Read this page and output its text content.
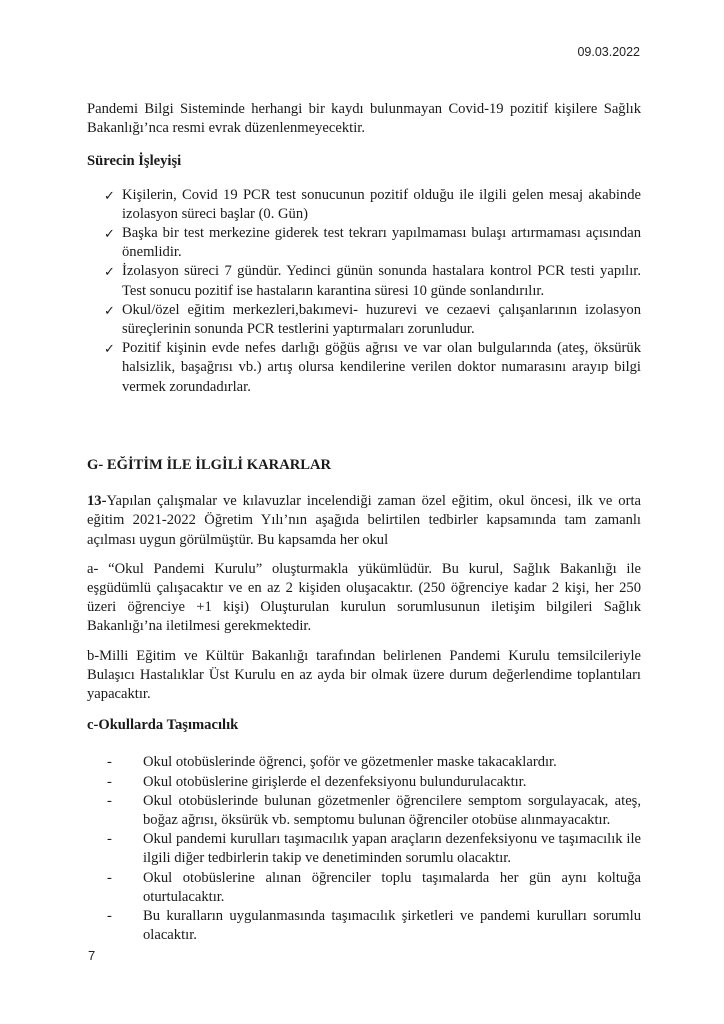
09.03.2022

Pandemi Bilgi Sisteminde herhangi bir kaydı bulunmayan Covid-19 pozitif kişilere Sağlık Bakanlığı’nca resmi evrak düzenlenmeyecektir.

Sürecin İşleyişi

✓ Kişilerin, Covid 19 PCR test sonucunun pozitif olduğu ile ilgili gelen mesaj akabinde izolasyon süreci başlar (0. Gün)
✓ Başka bir test merkezine giderek test tekrarı yapılmaması bulaşı artırmaması açısından önemlidir.
✓ İzolasyon süreci 7 gündür. Yedinci günün sonunda hastalara kontrol PCR testi yapılır. Test sonucu pozitif ise hastaların karantina süresi 10 günde sonlandırılır.
✓ Okul/özel eğitim merkezleri,bakımevi- huzurevi ve cezaevi çalışanlarının izolasyon süreçlerinin sonunda PCR testlerini yaptırmaları zorunludur.
✓ Pozitif kişinin evde nefes darlığı göğüs ağrısı ve var olan bulgularında (ateş, öksürük halsizlik, başağrısı vb.) artış olursa kendilerine verilen doktor numarasını arayıp bilgi vermek zorundadırlar.

G- EĞİTİM İLE İLGİLİ KARARLAR

13-Yapılan çalışmalar ve kılavuzlar incelendiği zaman özel eğitim, okul öncesi, ilk ve orta eğitim 2021-2022 Öğretim Yılı’nın aşağıda belirtilen tedbirler kapsamında tam zamanlı açılması uygun görülmüştür. Bu kapsamda her okul

a- “Okul Pandemi Kurulu” oluşturmakla yükümlüdür. Bu kurul, Sağlık Bakanlığı ile eşgüdümlü çalışacaktır ve en az 2 kişiden oluşacaktır. (250 öğrenciye kadar 2 kişi, her 250 üzeri öğrenciye +1 kişi) Oluşturulan kurulun sorumlusunun iletişim bilgileri Sağlık Bakanlığı’na iletilmesi gerekmektedir.

b-Milli Eğitim ve Kültür Bakanlığı tarafından belirlenen Pandemi Kurulu temsilcileriyle Bulaşıcı Hastalıklar Üst Kurulu en az ayda bir olmak üzere durum değerlendime toplantıları yapacaktır.

c-Okullarda Taşımacılık

- Okul otobüslerinde öğrenci, şoför ve gözetmenler maske takacaklardır.
- Okul otobüslerine girişlerde el dezenfeksiyonu bulundurulacaktır.
- Okul otobüslerinde bulunan gözetmenler öğrencilere semptom sorgulayacak, ateş, boğaz ağrısı, öksürük vb. semptomu bulunan öğrenciler otobüse alınmayacaktır.
- Okul pandemi kurulları taşımacılık yapan araçların dezenfeksiyonu ve taşımacılık ile ilgili diğer tedbirlerin takip ve denetiminden sorumlu olacaktır.
- Okul otobüslerine alınan öğrenciler toplu taşımalarda her gün aynı koltuğa oturtulacaktır.
- Bu kuralların uygulanmasında taşımacılık şirketleri ve pandemi kurulları sorumlu olacaktır.
7
